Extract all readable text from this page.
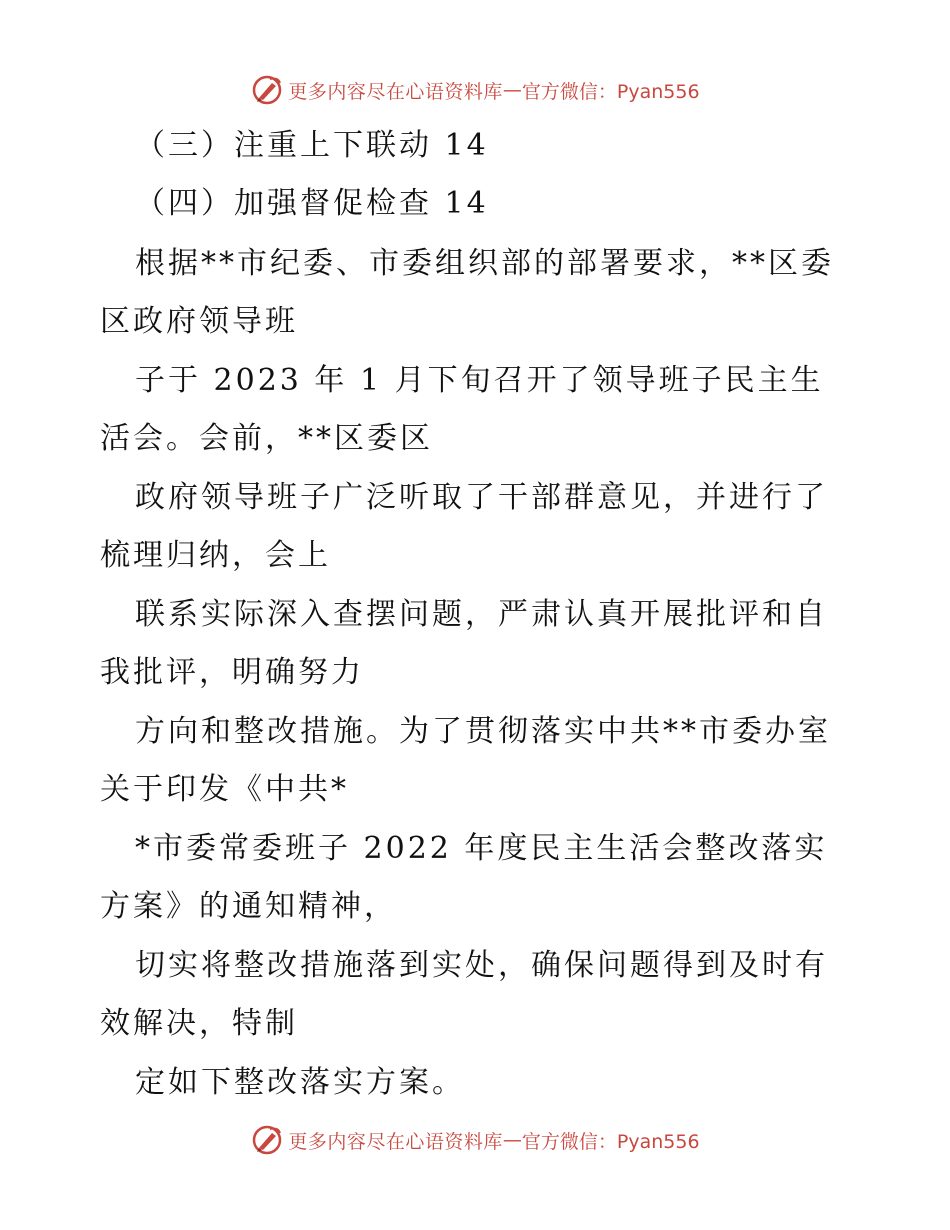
更多内容尽在心语资料库 — 官方微信：Pyan556
（三）注重上下联动 14
（四）加强督促检查 14
根据**市纪委、市委组织部的部署要求，**区委
区政府领导班
子于 2023 年 1 月下旬召开了领导班子民主生
活会。会前，**区委区
政府领导班子广泛听取了干部群意见，并进行了
梳理归纳，会上
联系实际深入查摆问题，严肃认真开展批评和自
我批评，明确努力
方向和整改措施。为了贯彻落实中共**市委办室
关于印发《中共*
*市委常委班子 2022 年度民主生活会整改落实
方案》的通知精神，
切实将整改措施落到实处，确保问题得到及时有
效解决，特制
定如下整改落实方案。
更多内容尽在心语资料库 — 官方微信：Pyan556
